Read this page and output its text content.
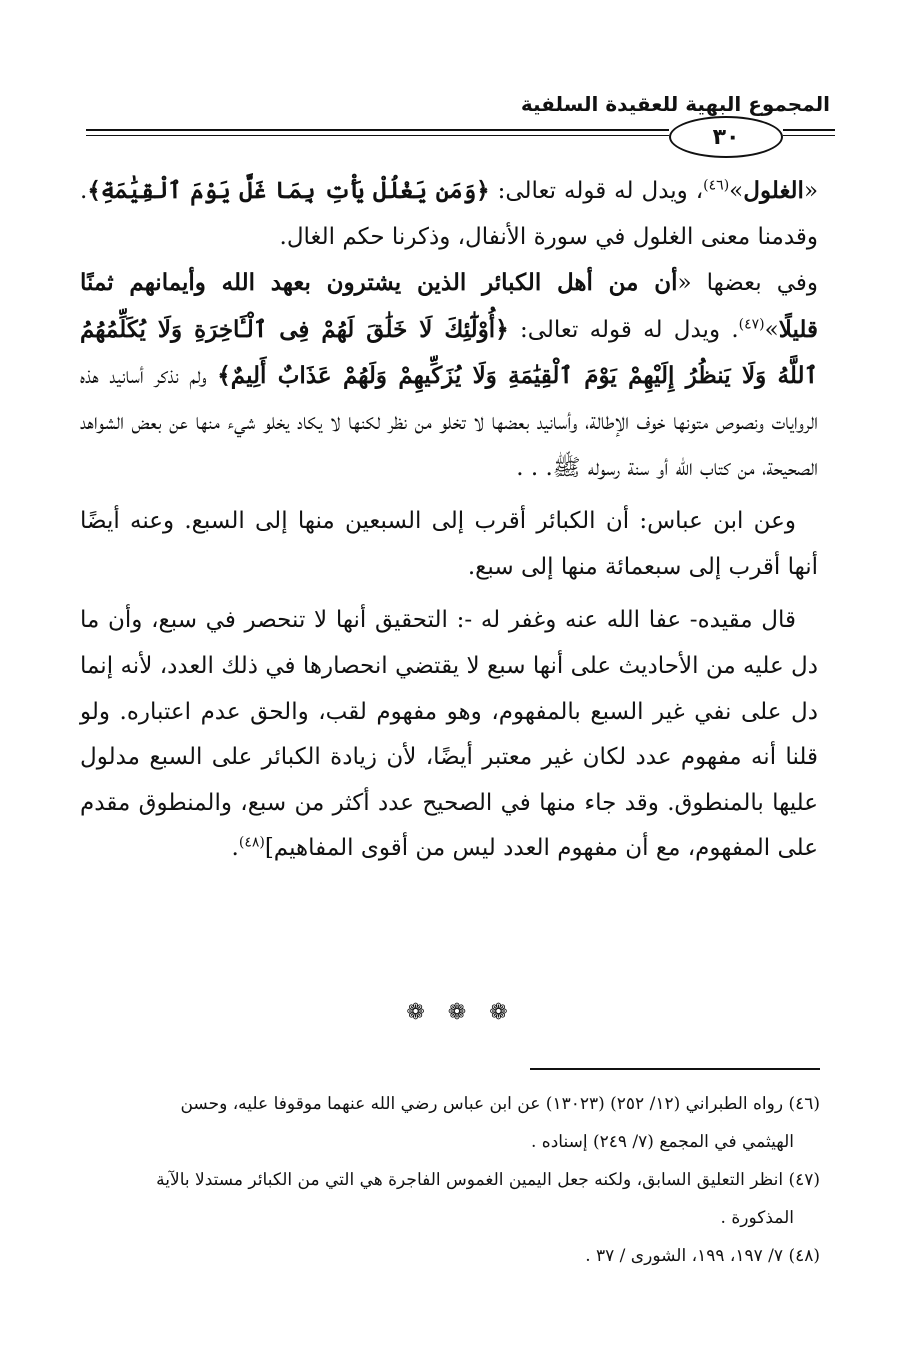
المجموع البهية للعقيدة السلفية
٣٠

«الغلول»$^{(٤٦)}$، ويدل له قوله تعالى: ﴿وَمَن يَغْلُلْ يَأْتِ بِمَا غَلَّ يَوْمَ ٱلْقِيَٰمَةِ﴾. وقدمنا معنى الغلول في سورة الأنفال، وذكرنا حكم الغال.

وفي بعضها «أن من أهل الكبائر الذين يشترون بعهد الله وأيمانهم ثمنًا قليلًا»$^{(٤٧)}$. ويدل له قوله تعالى: ﴿أُوْلَٰٓئِكَ لَا خَلَٰقَ لَهُمْ فِى ٱلْـَٔاخِرَةِ وَلَا يُكَلِّمُهُمُ ٱللَّهُ وَلَا يَنظُرُ إِلَيْهِمْ يَوْمَ ٱلْقِيَٰمَةِ وَلَا يُزَكِّيهِمْ وَلَهُمْ عَذَابٌ أَلِيمٌ﴾ ولم نذكر أسانيد هذه الروايات ونصوص متونها خوف الإطالة، وأسانيد بعضها لا تخلو من نظر لكنها لا يكاد يخلو شيء منها عن بعض الشواهد الصحيحة، من كتاب الله أو سنة رسوله ﷺ. . .

وعن ابن عباس: أن الكبائر أقرب إلى السبعين منها إلى السبع. وعنه أيضًا أنها أقرب إلى سبعمائة منها إلى سبع.

قال مقيده- عفا الله عنه وغفر له -: التحقيق أنها لا تنحصر في سبع، وأن ما دل عليه من الأحاديث على أنها سبع لا يقتضي انحصارها في ذلك العدد، لأنه إنما دل على نفي غير السبع بالمفهوم، وهو مفهوم لقب، والحق عدم اعتباره. ولو قلنا أنه مفهوم عدد لكان غير معتبر أيضًا، لأن زيادة الكبائر على السبع مدلول عليها بالمنطوق. وقد جاء منها في الصحيح عدد أكثر من سبع، والمنطوق مقدم على المفهوم، مع أن مفهوم العدد ليس من أقوى المفاهيم]$^{(٤٨)}$.

❁ ❁ ❁

(٤٦) رواه الطبراني (١٢/ ٢٥٢) (١٣٠٢٣) عن ابن عباس رضي الله عنهما موقوفا عليه، وحسن

الهيثمي في المجمع (٧/ ٢٤٩) إسناده .

(٤٧) انظر التعليق السابق، ولكنه جعل اليمين الغموس الفاجرة هي التي من الكبائر مستدلا بالآية

المذكورة .

(٤٨) ٧/ ١٩٧، ١٩٩، الشورى / ٣٧ .
